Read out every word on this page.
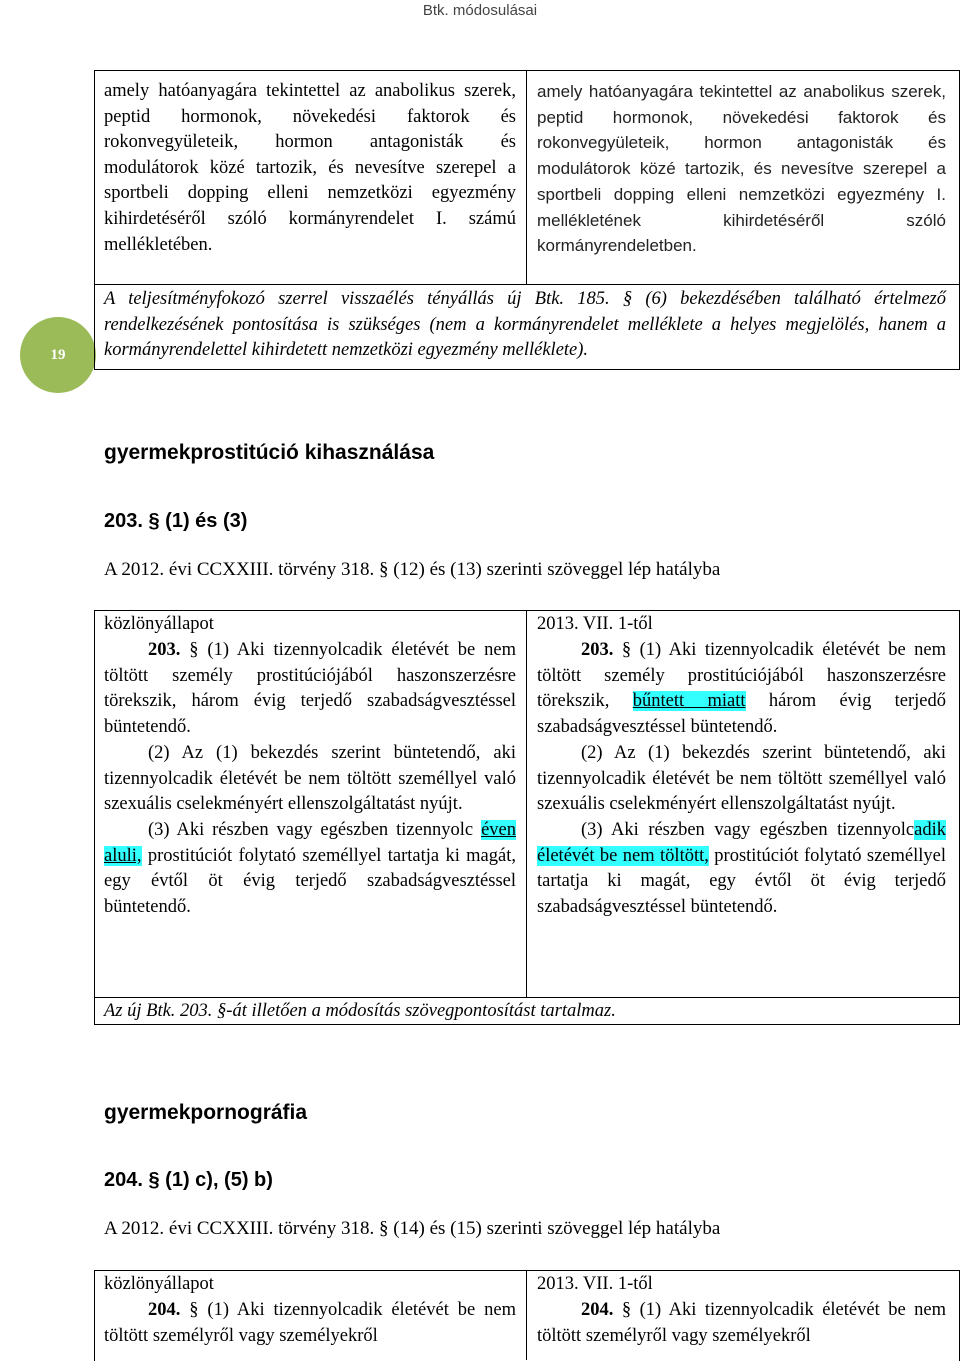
Btk. módosulásai
19
amely hatóanyagára tekintettel az anabolikus szerek, peptid hormonok, növekedési faktorok és rokonvegyületeik, hormon antagonisták és modulátorok közé tartozik, és nevesítve szerepel a sportbeli dopping elleni nemzetközi egyezmény kihirdetéséről szóló kormányrendelet I. számú mellékletében.
amely hatóanyagára tekintettel az anabolikus szerek, peptid hormonok, növekedési faktorok és rokonvegyületeik, hormon antagonisták és modulátorok közé tartozik, és nevesítve szerepel a sportbeli dopping elleni nemzetközi egyezmény I. mellékletének kihirdetéséről szóló kormányrendeletben.
A teljesítményfokozó szerrel visszaélés tényállás új Btk. 185. § (6) bekezdésében található értelmező rendelkezésének pontosítása is szükséges (nem a kormányrendelet melléklete a helyes megjelölés, hanem a kormányrendelettel kihirdetett nemzetközi egyezmény melléklete).
gyermekprostitúció kihasználása
203. § (1) és (3)
A 2012. évi CCXXIII. törvény 318. § (12) és (13) szerinti szöveggel lép hatályba
közlönyállapot	2013. VII. 1-től

203. § (1) Aki tizennyolcadik életévét be nem töltött személy prostitúciójából haszonszerzésre törekszik, három évig terjedő szabadságvesztéssel büntetendő.

(2) Az (1) bekezdés szerint büntetendő, aki tizennyolcadik életévét be nem töltött személlyel való szexuális cselekményért ellenszolgáltatást nyújt.

(3) Aki részben vagy egészben tizennyolc éven aluli, prostitúciót folytató személlyel tartatja ki magát, egy évtől öt évig terjedő szabadságvesztéssel büntetendő.

203. § (1) Aki tizennyolcadik életévét be nem töltött személy prostitúciójából haszonszerzésre törekszik, bűntett miatt három évig terjedő szabadságvesztéssel büntetendő.

(2) Az (1) bekezdés szerint büntetendő, aki tizennyolcadik életévét be nem töltött személlyel való szexuális cselekményért ellenszolgáltatást nyújt.

(3) Aki részben vagy egészben tizennyolcadik életévét be nem töltött, prostitúciót folytató személlyel tartatja ki magát, egy évtől öt évig terjedő szabadságvesztéssel büntetendő.

Az új Btk. 203. §-át illetően a módosítás szövegpontosítást tartalmaz.
gyermekpornográfia
204. § (1) c), (5) b)
A 2012. évi CCXXIII. törvény 318. § (14) és (15) szerinti szöveggel lép hatályba
közlönyállapot	2013. VII. 1-től

204. § (1) Aki tizennyolcadik életévét be nem töltött személyről vagy személyekről

204. § (1) Aki tizennyolcadik életévét be nem töltött személyről vagy személyekről
